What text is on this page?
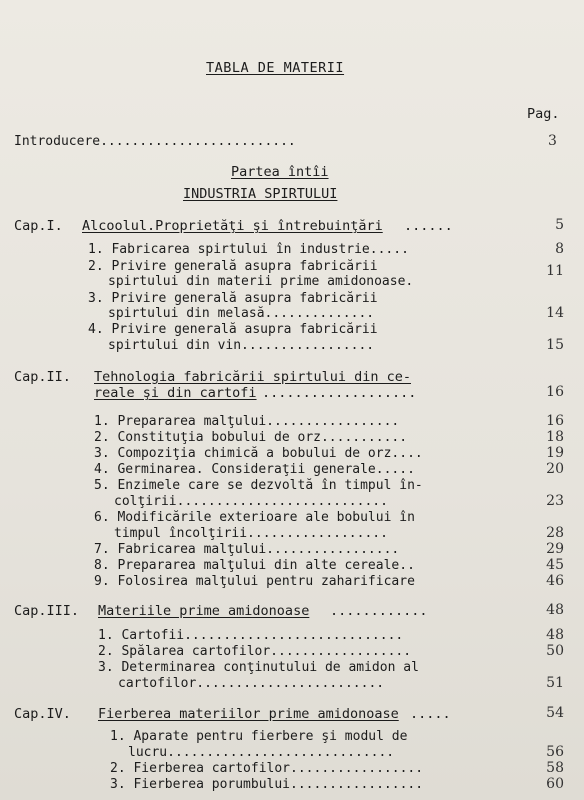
TABLA DE MATERII
Pag.
Introducere.........................	3
Partea întîi
INDUSTRIA SPIRTULUI
Cap.I. Alcoolul.Proprietăţi şi întrebuinţări ......
1. Fabricarea spirtului în industrie.....
2. Privire generală asupra fabricării
spirtului din materii prime amidonoase.
3. Privire generală asupra fabricării
spirtului din melasă..............
4. Privire generală asupra fabricării
spirtului din vin.................
Cap.II. Tehnologia fabricării spirtului din ce-
reale şi din cartofi ...................
1. Prepararea malţului.................
2. Constituţia bobului de orz...........
3. Compoziţia chimică a bobului de orz....
4. Germinarea. Consideraţii generale.....
5. Enzimele care se dezvoltă în timpul în-
colţirii...........................
6. Modificările exterioare ale bobului în
timpul încolţirii..................
7. Fabricarea malţului.................
8. Prepararea malţului din alte cereale..
9. Folosirea malţului pentru zaharificare
Cap.III. Materiile prime amidonoase ............
1. Cartofii............................
2. Spălarea cartofilor..................
3. Determinarea conţinutului de amidon al
cartofilor........................
Cap.IV. Fierberea materiilor prime amidonoase .....
1. Aparate pentru fierbere şi modul de
lucru.............................
2. Fierberea cartofilor.................
3. Fierberea porumbului.................
5
8
11
14
15
16
16
18
19
20
23
28
29
45
46
48
48
50
51
54
56
58
60
